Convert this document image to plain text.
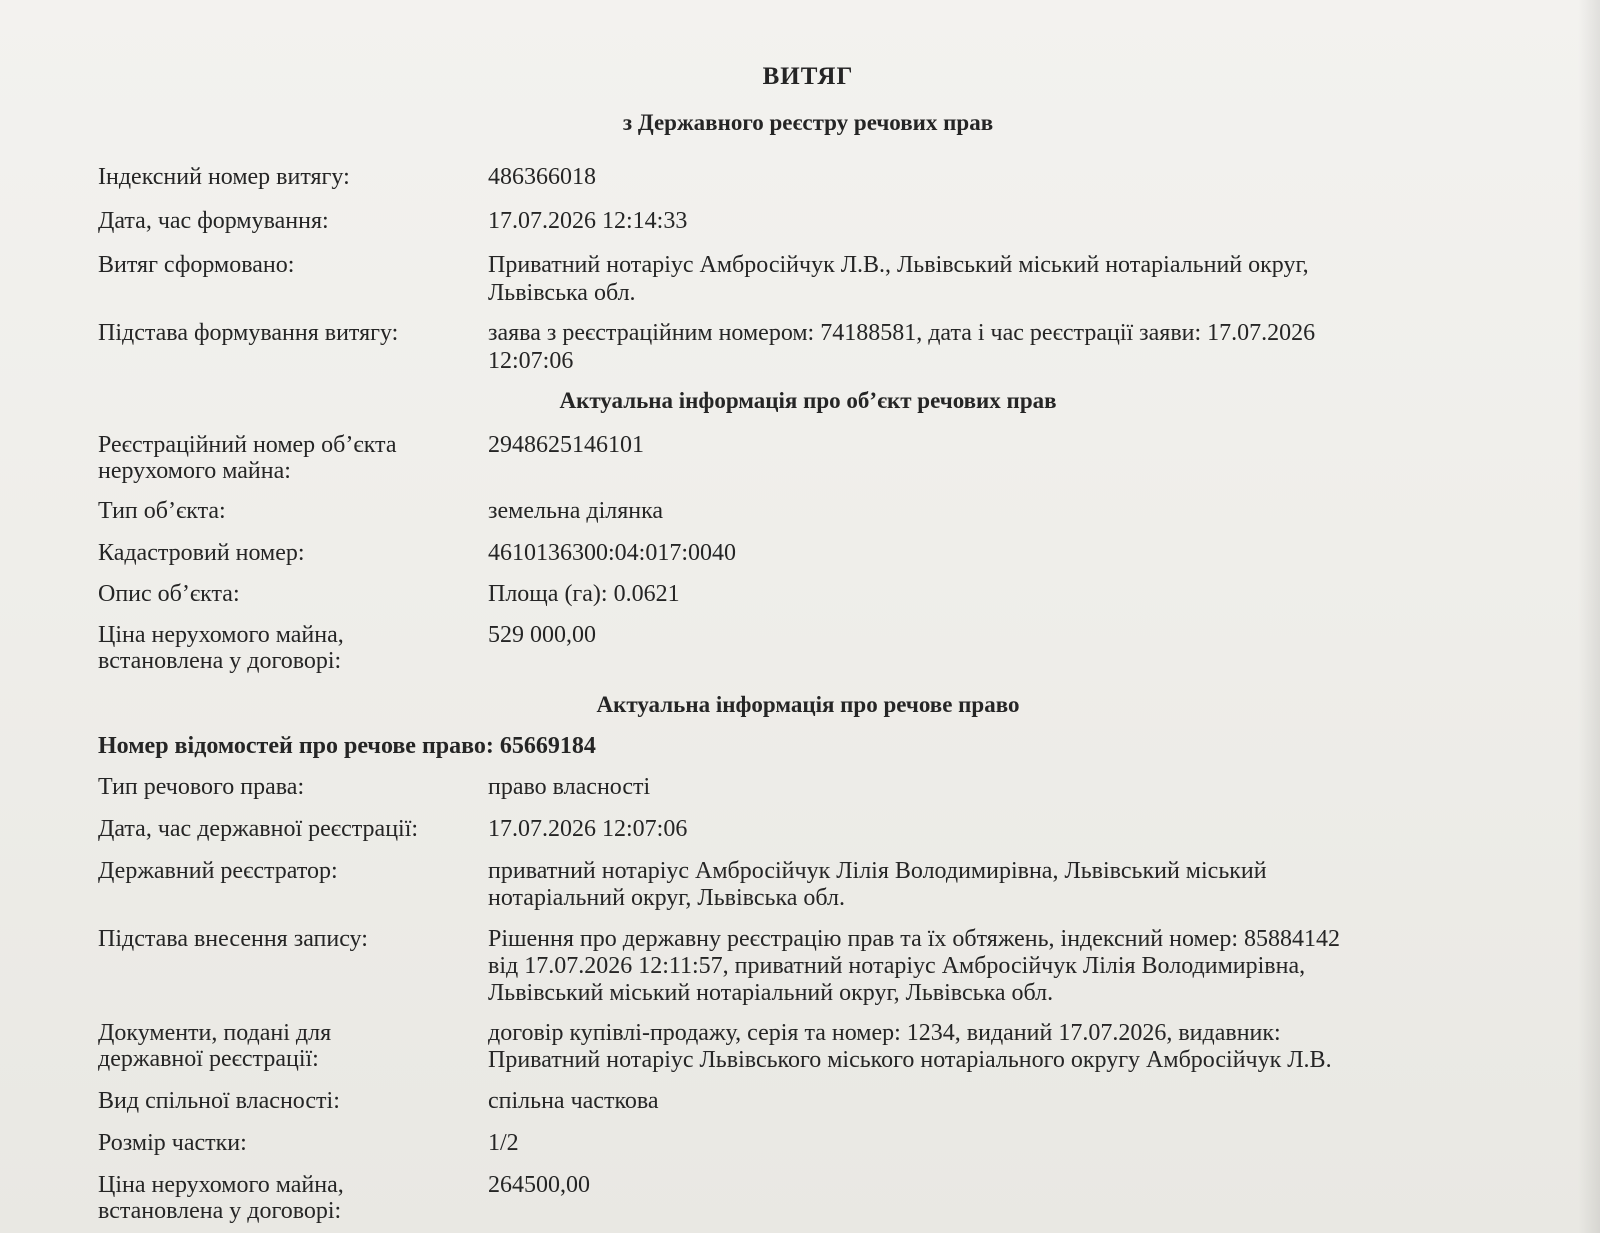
ВИТЯГ
з Державного реєстру речових прав
Індексний номер витягу:	486366018
Дата, час формування:	17.07.2026 12:14:33
Витяг сформовано:	Приватний нотаріус Амбросійчук Л.В., Львівський міський нотаріальний округ,
Львівська обл.
Підстава формування витягу:	заява з реєстраційним номером: 74188581, дата і час реєстрації заяви: 17.07.2026
12:07:06
Актуальна інформація про об’єкт речових прав
Реєстраційний номер об’єкта
нерухомого майна:
2948625146101
Тип об’єкта:	земельна ділянка
Кадастровий номер:	4610136300:04:017:0040
Опис об’єкта:	Площа (га): 0.0621
Ціна нерухомого майна,
встановлена у договорі:
529 000,00
Актуальна інформація про речове право
Номер відомостей про речове право: 65669184
Тип речового права:	право власності
Дата, час державної реєстрації:	17.07.2026 12:07:06
Державний реєстратор:	приватний нотаріус Амбросійчук Лілія Володимирівна, Львівський міський
нотаріальний округ, Львівська обл.
Підстава внесення запису:	Рішення про державну реєстрацію прав та їх обтяжень, індексний номер: 85884142
від 17.07.2026 12:11:57, приватний нотаріус Амбросійчук Лілія Володимирівна,
Львівський міський нотаріальний округ, Львівська обл.
Документи, подані для
державної реєстрації:
договір купівлі-продажу, серія та номер: 1234, виданий 17.07.2026, видавник:
Приватний нотаріус Львівського міського нотаріального округу Амбросійчук Л.В.
Вид спільної власності:	спільна часткова
Розмір частки:	1/2
Ціна нерухомого майна,
встановлена у договорі:
264500,00
